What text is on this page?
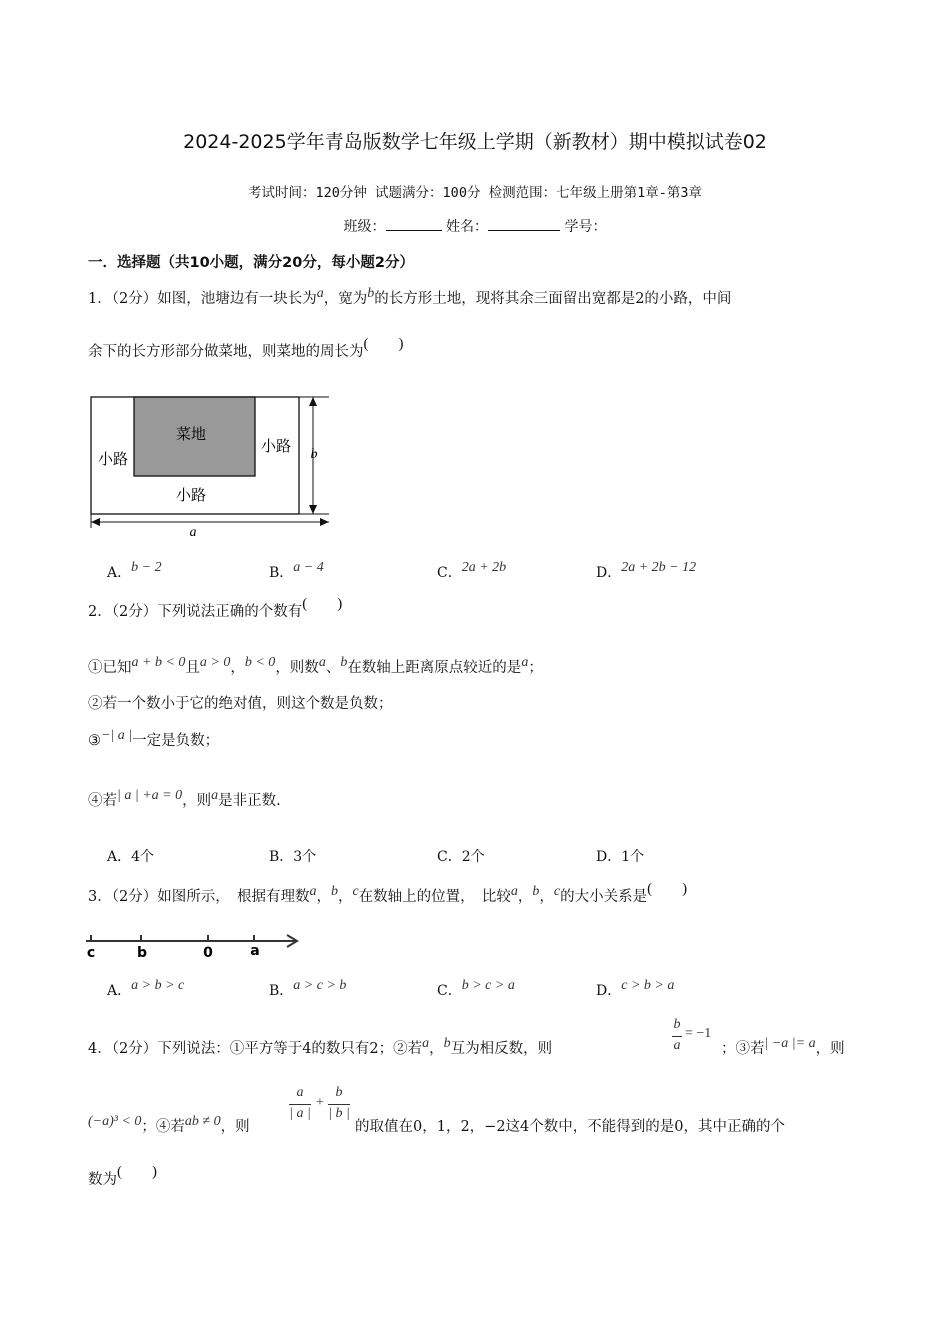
2024-2025学年青岛版数学七年级上学期（新教材）期中模拟试卷02
考试时间：120分钟 试题满分：100分 检测范围：七年级上册第1章-第3章
班级：	姓名：	学号：
一．选择题（共10小题，满分20分，每小题2分）
1．（2分）如图，池塘边有一块长为a，宽为b的长方形土地，现将其余三面留出宽都是2的小路，中间
余下的长方形部分做菜地，则菜地的周长为(　　)
菜地
小路
小路
小路
b
a
A．b − 2	B．a − 4	C．2a + 2b	D．2a + 2b − 12
2．（2分）下列说法正确的个数有(　　)
①已知a + b < 0且a > 0，b < 0，则数a、b在数轴上距离原点较近的是a；
②若一个数小于它的绝对值，则这个数是负数；
③−| a |一定是负数；
④若| a | +a = 0，则a是非正数.
A．4个	B．3个	C．2个	D．1个
3．（2分）如图所示，　根据有理数a，b，c在数轴上的位置，　比较a，b，c的大小关系是(　　)
c	b	0	a
A．a > b > c	B．a > c > b	C．b > c > a	D．c > b > a
4．（2分）下列说法：①平方等于4的数只有2；②若a，b互为相反数，则
b
a
= −1
；③若| −a |= a，则
(−a)³ < 0；④若ab ≠ 0，则
a
| a |
+
b
| b |
的取值在0，1，2，−2这4个数中，不能得到的是0，其中正确的个
数为(　　)
